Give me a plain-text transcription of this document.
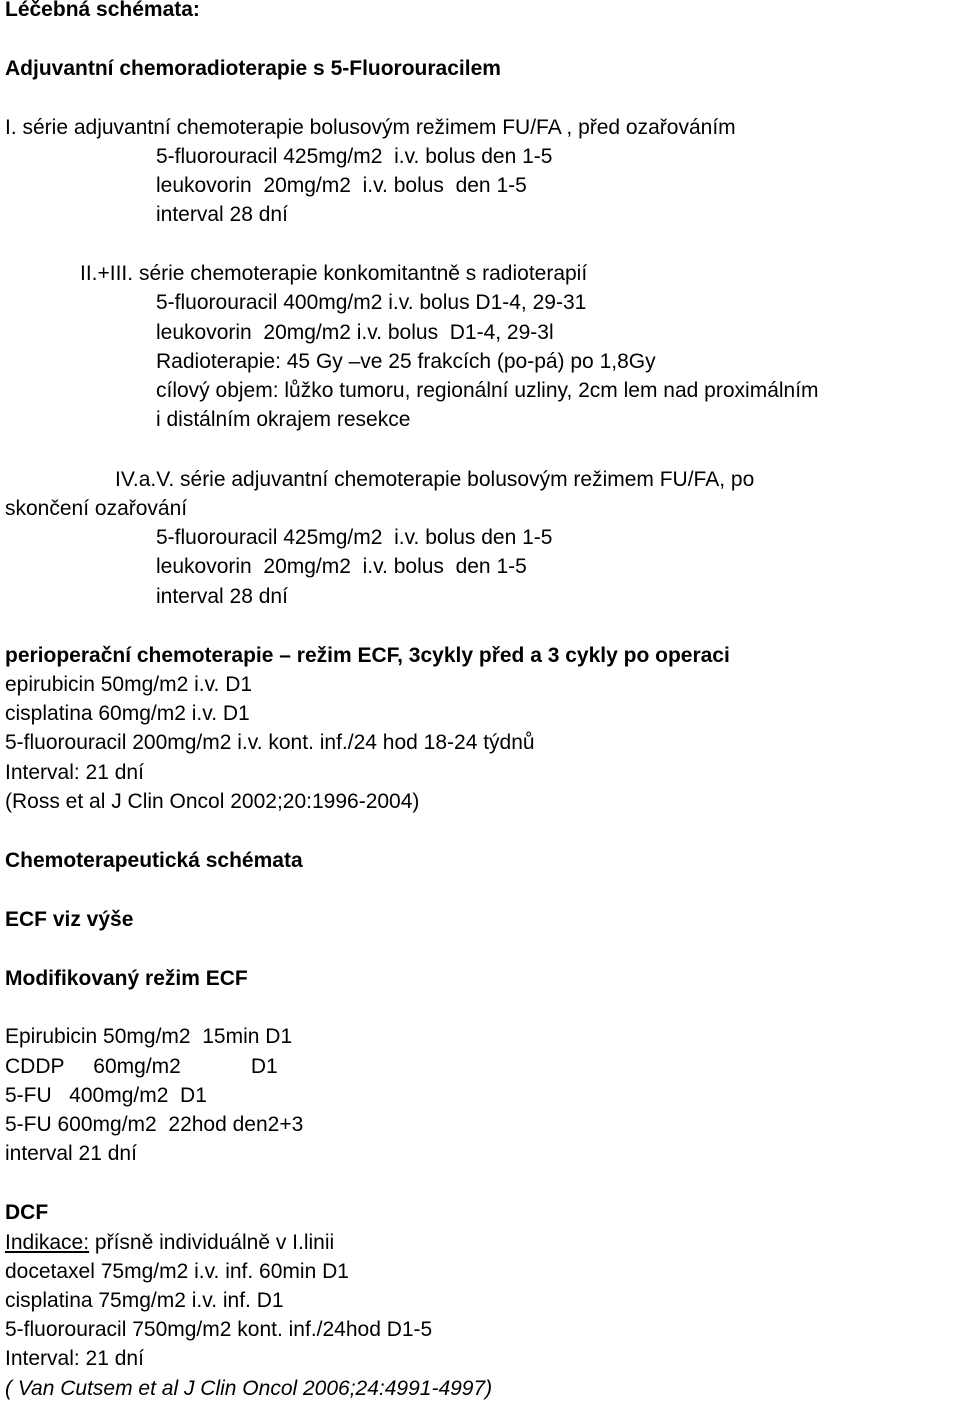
Léčebná schémata:

Adjuvantní chemoradioterapie s 5-Fluorouracilem

I. série adjuvantní chemoterapie bolusovým režimem FU/FA , před ozařováním

5-fluorouracil 425mg/m2  i.v. bolus den 1-5

leukovorin  20mg/m2  i.v. bolus  den 1-5

interval 28 dní

II.+III. série chemoterapie konkomitantně s radioterapií

5-fluorouracil 400mg/m2 i.v. bolus D1-4, 29-31

leukovorin  20mg/m2 i.v. bolus  D1-4, 29-3l

Radioterapie: 45 Gy –ve 25 frakcích (po-pá) po 1,8Gy

cílový objem: lůžko tumoru, regionální uzliny, 2cm lem nad proximálním

i distálním okrajem resekce

IV.a.V. série adjuvantní chemoterapie bolusovým režimem FU/FA, po

skončení ozařování

5-fluorouracil 425mg/m2  i.v. bolus den 1-5

leukovorin  20mg/m2  i.v. bolus  den 1-5

interval 28 dní

perioperační chemoterapie – režim ECF, 3cykly před a 3 cykly po operaci

epirubicin 50mg/m2 i.v. D1

cisplatina 60mg/m2 i.v. D1

5-fluorouracil 200mg/m2 i.v. kont. inf./24 hod 18-24 týdnů

Interval: 21 dní

(Ross et al J Clin Oncol 2002;20:1996-2004)

Chemoterapeutická schémata

ECF viz výše

Modifikovaný režim ECF

Epirubicin 50mg/m2  15min D1

CDDP     60mg/m2            D1

5-FU   400mg/m2  D1

5-FU 600mg/m2  22hod den2+3

interval 21 dní

DCF

Indikace: přísně individuálně v I.linii

docetaxel 75mg/m2 i.v. inf. 60min D1

cisplatina 75mg/m2 i.v. inf. D1

5-fluorouracil 750mg/m2 kont. inf./24hod D1-5

Interval: 21 dní

( Van Cutsem et al J Clin Oncol 2006;24:4991-4997)
